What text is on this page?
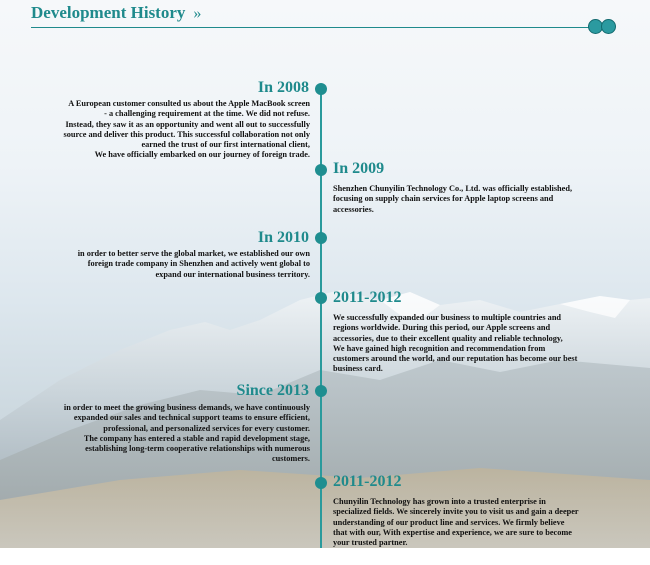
Development History »
In 2008

A European customer consulted us about the Apple MacBook screen

- a challenging requirement at the time. We did not refuse.

Instead, they saw it as an opportunity and went all out to successfully

source and deliver this product. This successful collaboration not only

earned the trust of our first international client,

We have officially embarked on our journey of foreign trade.

In 2009

Shenzhen Chunyilin Technology Co., Ltd. was officially established,

focusing on supply chain services for Apple laptop screens and

accessories.

In 2010

in order to better serve the global market, we established our own

foreign trade company in Shenzhen and actively went global to

expand our international business territory.

2011-2012

We successfully expanded our business to multiple countries and

regions worldwide. During this period, our Apple screens and

accessories, due to their excellent quality and reliable technology,

We have gained high recognition and recommendation from

customers around the world, and our reputation has become our best

business card.

Since 2013

in order to meet the growing business demands, we have continuously

expanded our sales and technical support teams to ensure efficient,

professional, and personalized services for every customer.

The company has entered a stable and rapid development stage,

establishing long-term cooperative relationships with numerous

customers.

2011-2012

Chunyilin Technology has grown into a trusted enterprise in

specialized fields. We sincerely invite you to visit us and gain a deeper

understanding of our product line and services. We firmly believe

that with our, With expertise and experience, we are sure to become

your trusted partner.
